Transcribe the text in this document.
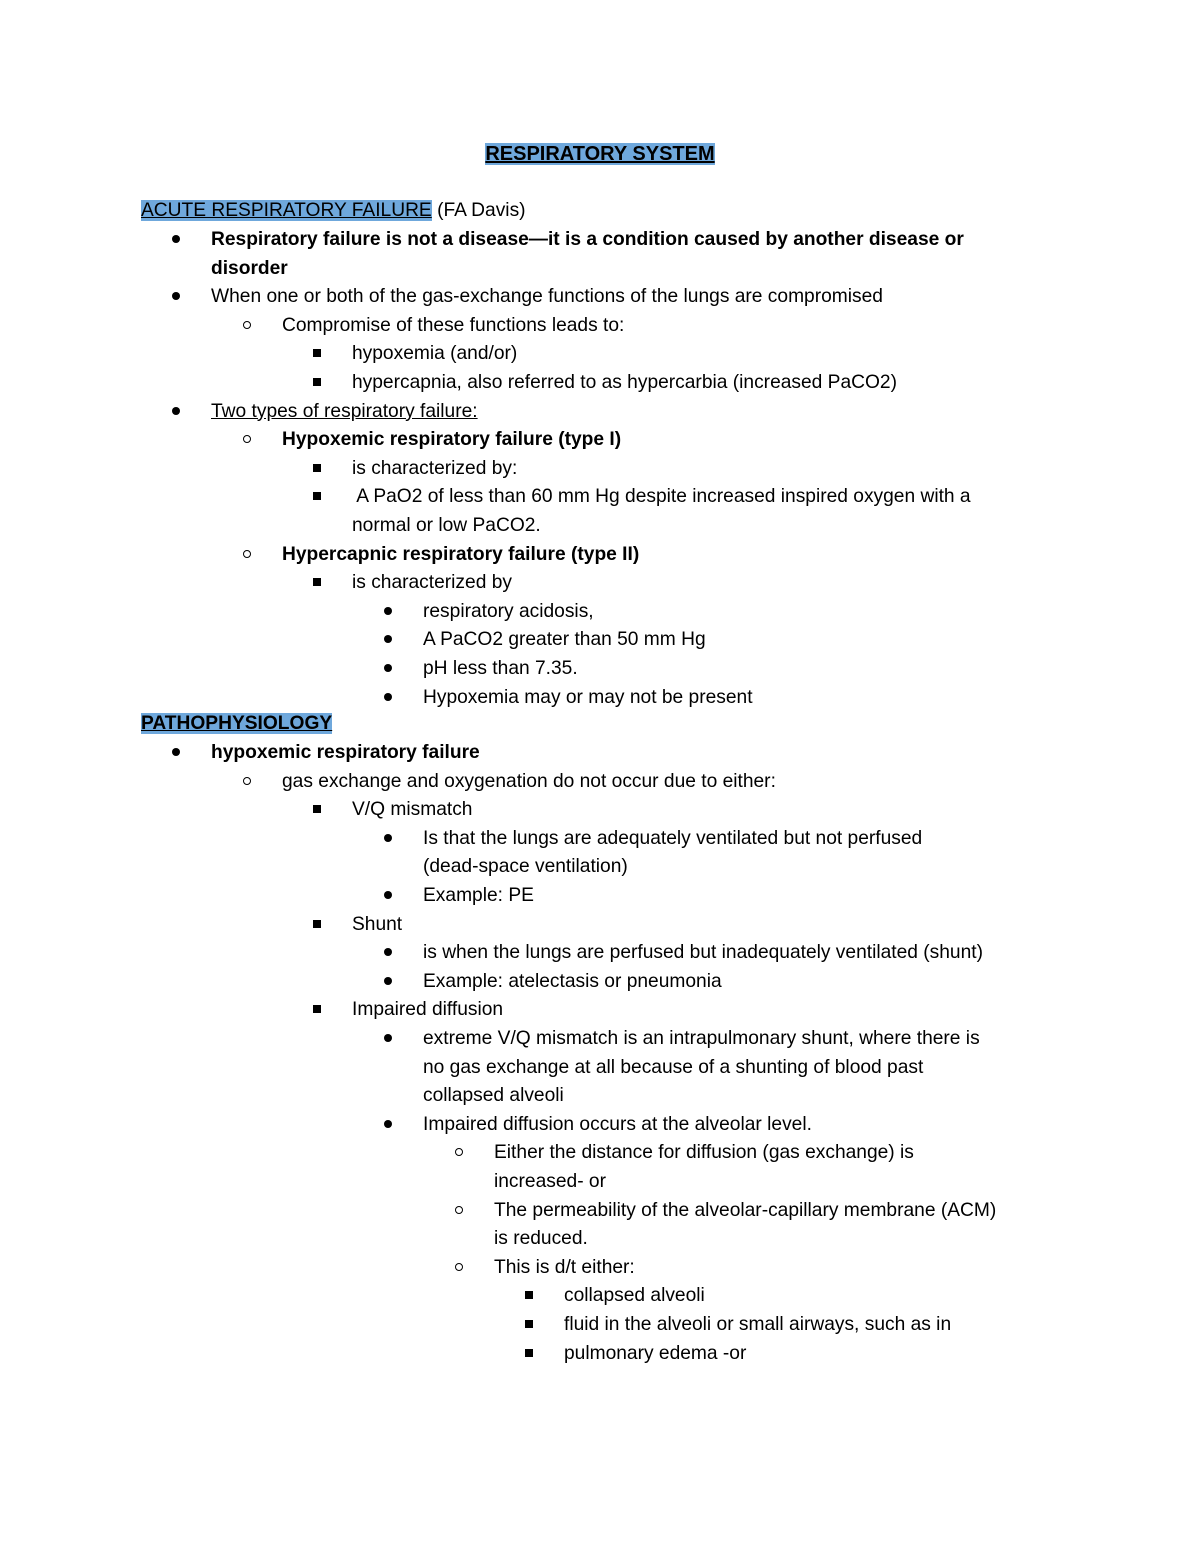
RESPIRATORY SYSTEM
ACUTE RESPIRATORY FAILURE (FA Davis)
Respiratory failure is not a disease—it is a condition caused by another disease or
disorder
When one or both of the gas-exchange functions of the lungs are compromised
Compromise of these functions leads to:
hypoxemia (and/or)
hypercapnia, also referred to as hypercarbia (increased PaCO2)
Two types of respiratory failure:
Hypoxemic respiratory failure (type I)
is characterized by:
A PaO2 of less than 60 mm Hg despite increased inspired oxygen with a
normal or low PaCO2.
Hypercapnic respiratory failure (type II)
is characterized by
respiratory acidosis,
A PaCO2 greater than 50 mm Hg
pH less than 7.35.
Hypoxemia may or may not be present
PATHOPHYSIOLOGY
hypoxemic respiratory failure
gas exchange and oxygenation do not occur due to either:
V/Q mismatch
Is that the lungs are adequately ventilated but not perfused
(dead-space ventilation)
Example: PE
Shunt
is when the lungs are perfused but inadequately ventilated (shunt)
Example: atelectasis or pneumonia
Impaired diffusion
extreme V/Q mismatch is an intrapulmonary shunt, where there is
no gas exchange at all because of a shunting of blood past
collapsed alveoli
Impaired diffusion occurs at the alveolar level.
Either the distance for diffusion (gas exchange) is
increased- or
The permeability of the alveolar-capillary membrane (ACM)
is reduced.
This is d/t either:
collapsed alveoli
fluid in the alveoli or small airways, such as in
pulmonary edema -or
